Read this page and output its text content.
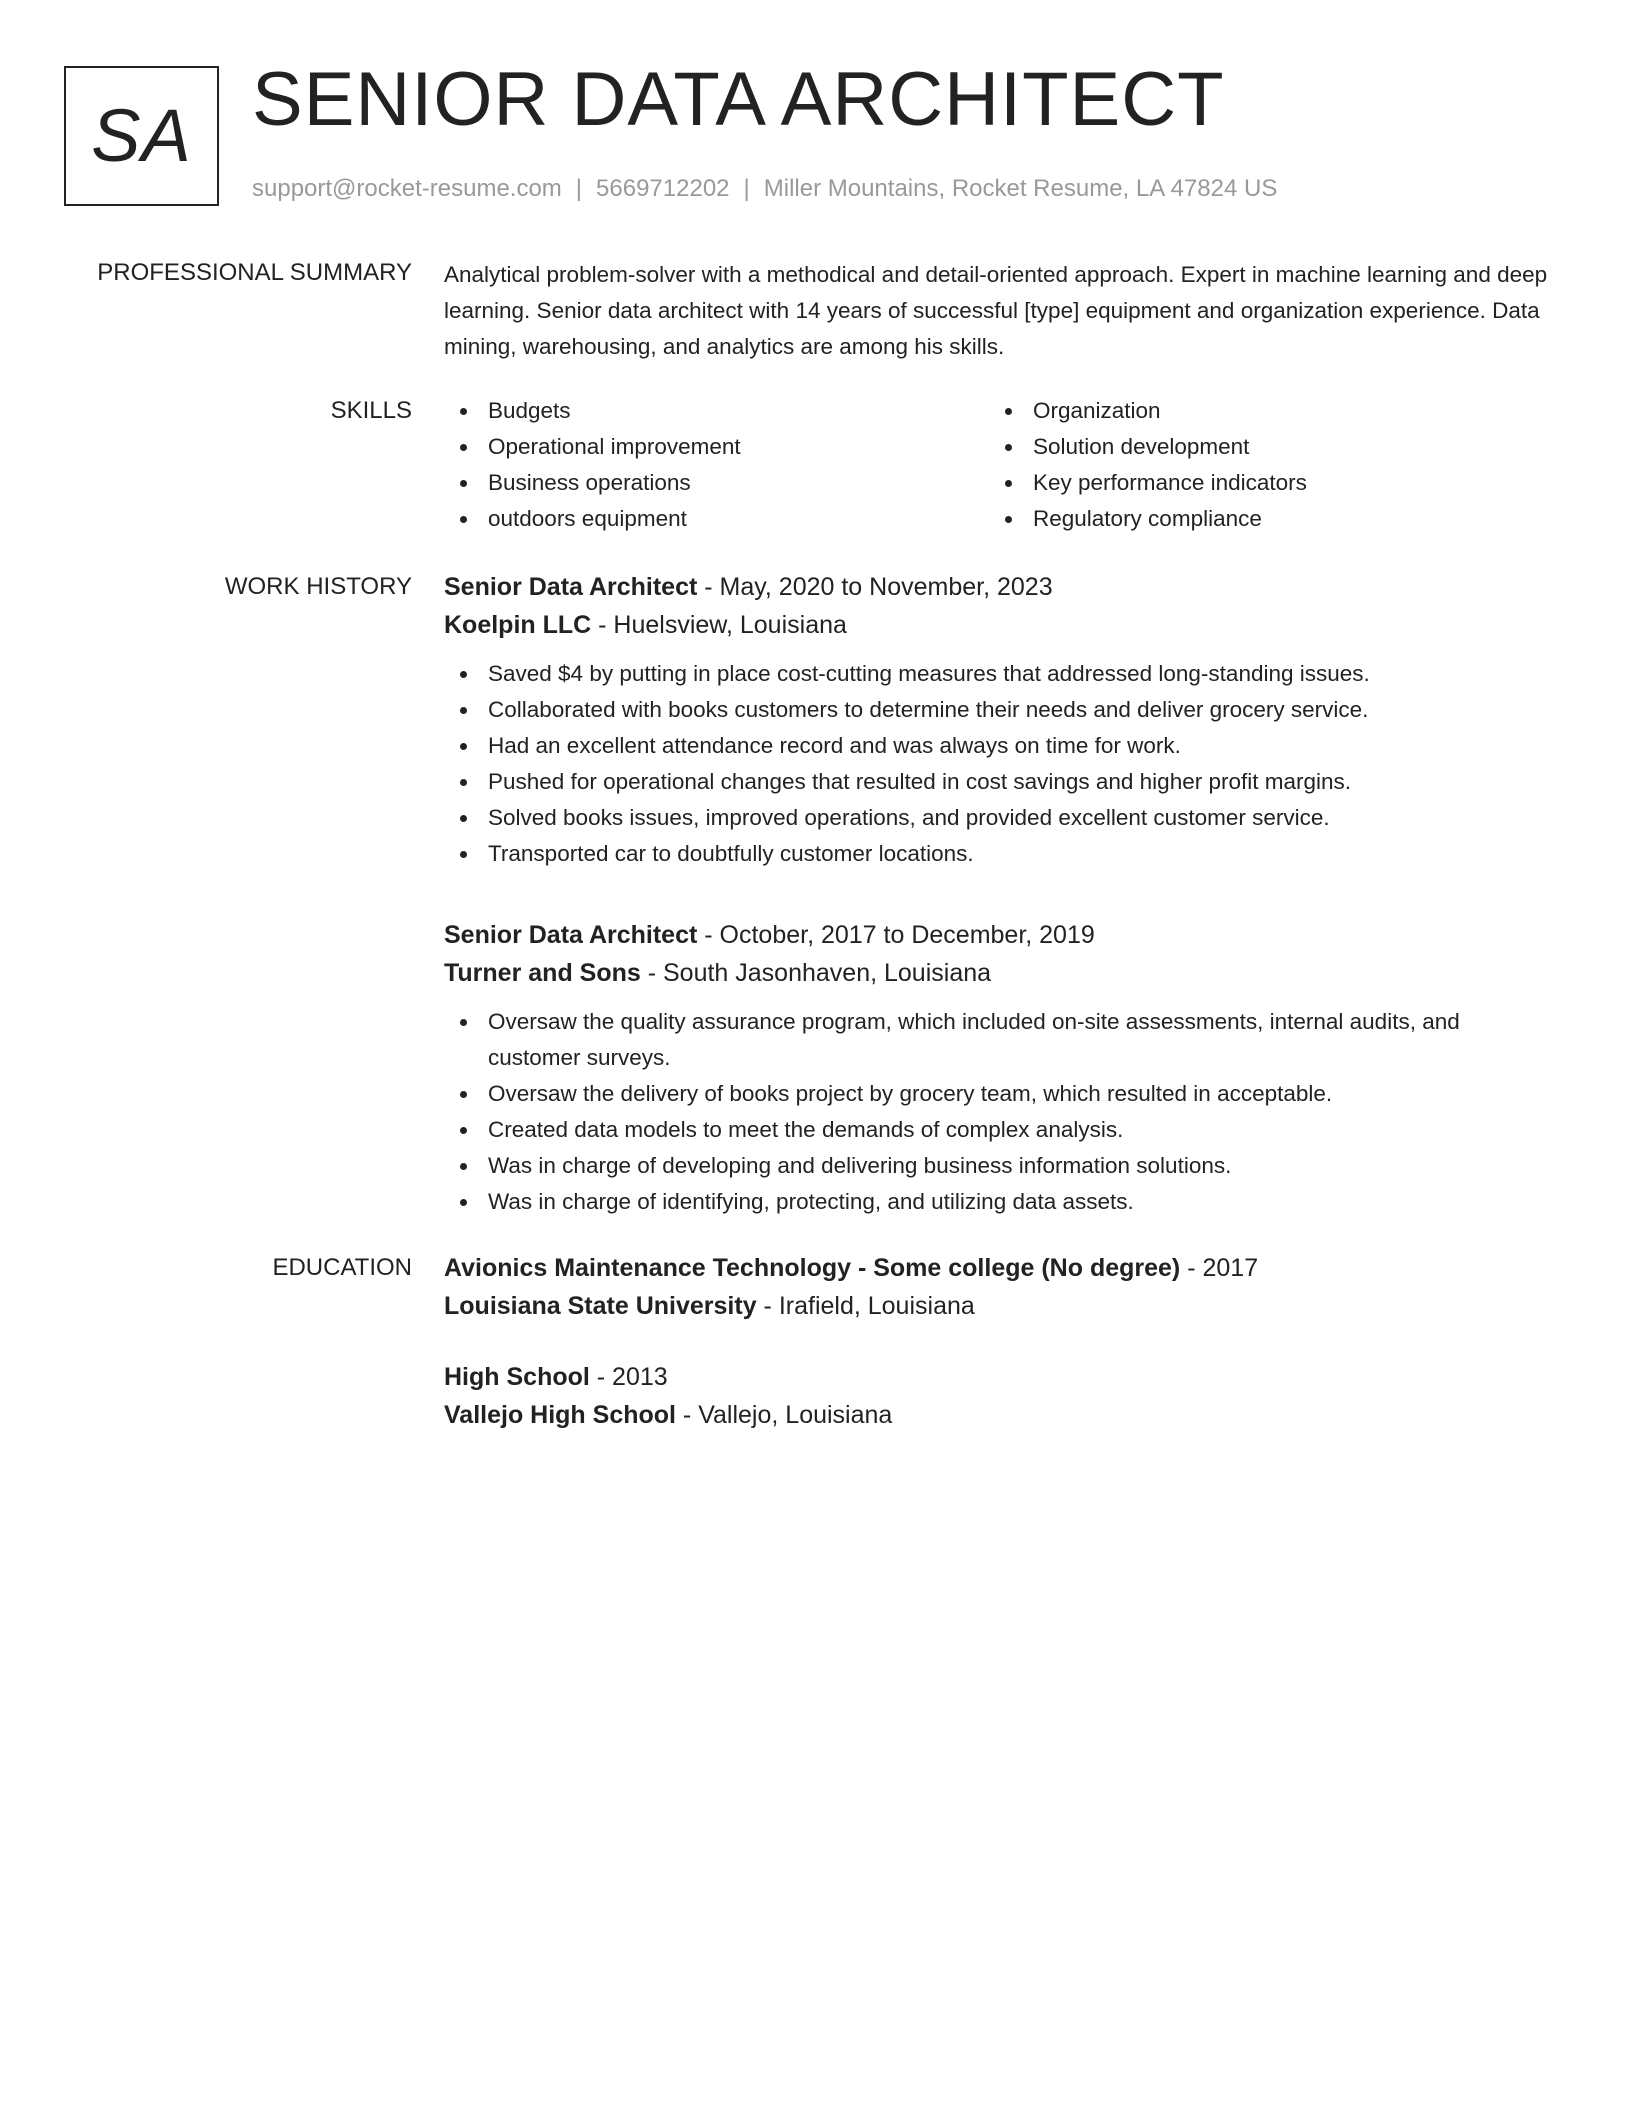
SA SENIOR DATA ARCHITECT
support@rocket-resume.com | 5669712202 | Miller Mountains, Rocket Resume, LA 47824 US
PROFESSIONAL SUMMARY Analytical problem-solver with a methodical and detail-oriented approach. Expert in machine learning and deep learning. Senior data architect with 14 years of successful [type] equipment and organization experience. Data mining, warehousing, and analytics are among his skills.

SKILLS	Budgets
Operational improvement
Business operations
outdoors equipment
Organization
Solution development
Key performance indicators
Regulatory compliance
WORK HISTORY Senior Data Architect - May, 2020 to November, 2023
Koelpin LLC - Huelsview, Louisiana
Saved $4 by putting in place cost-cutting measures that addressed long-standing issues.
Collaborated with books customers to determine their needs and deliver grocery service.
Had an excellent attendance record and was always on time for work.
Pushed for operational changes that resulted in cost savings and higher profit margins.
Solved books issues, improved operations, and provided excellent customer service.
Transported car to doubtfully customer locations.
Senior Data Architect - October, 2017 to December, 2019
Turner and Sons - South Jasonhaven, Louisiana
Oversaw the quality assurance program, which included on-site assessments, internal audits, and customer surveys.
Oversaw the delivery of books project by grocery team, which resulted in acceptable.
Created data models to meet the demands of complex analysis.
Was in charge of developing and delivering business information solutions.
Was in charge of identifying, protecting, and utilizing data assets.
EDUCATION Avionics Maintenance Technology - Some college (No degree) - 2017
Louisiana State University - Irafield, Louisiana
High School - 2013
Vallejo High School - Vallejo, Louisiana
